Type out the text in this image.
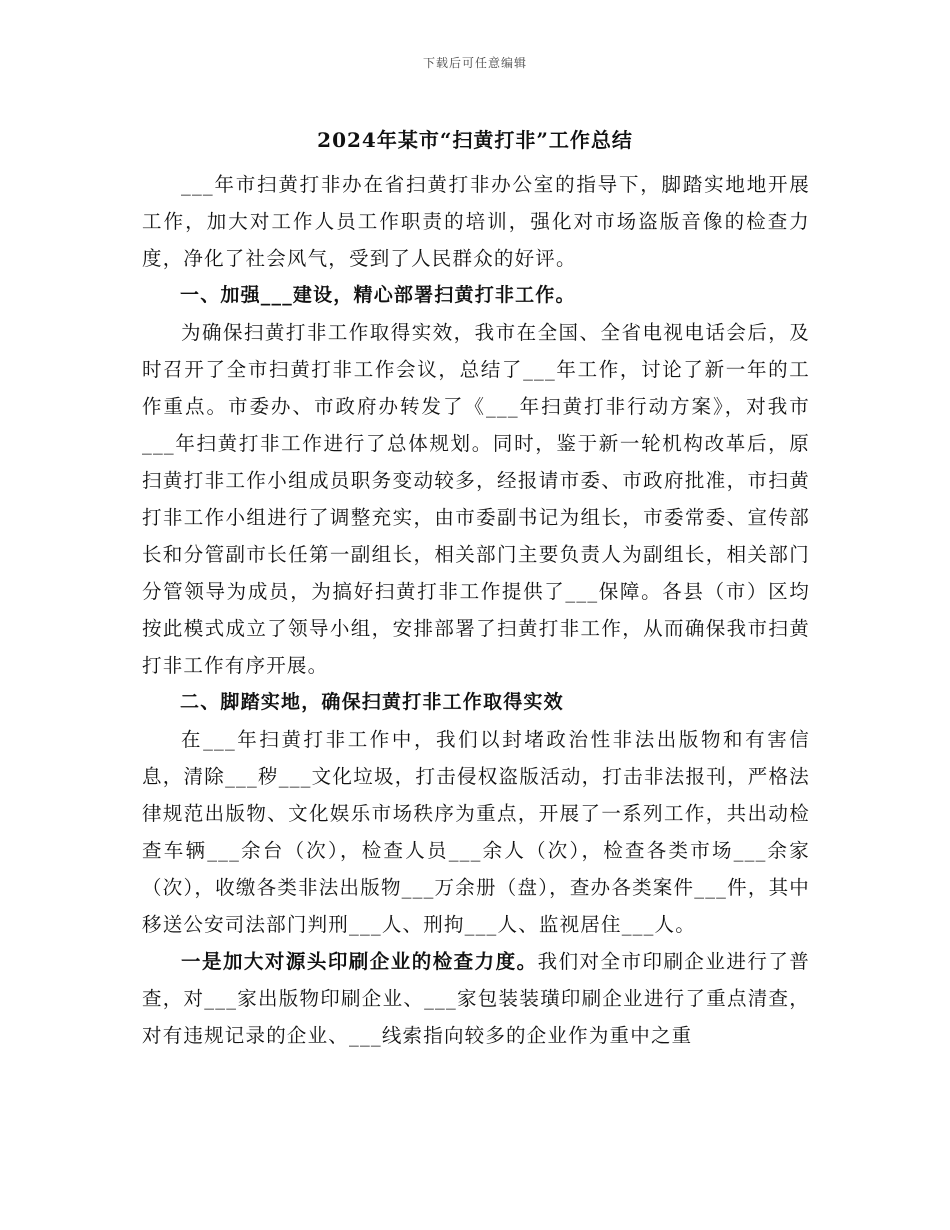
下载后可任意编辑
2024年某市“扫黄打非”工作总结

___年市扫黄打非办在省扫黄打非办公室的指导下，脚踏实地地开展工作，加大对工作人员工作职责的培训，强化对市场盗版音像的检查力度，净化了社会风气，受到了人民群众的好评。

一、加强___建设，精心部署扫黄打非工作。

为确保扫黄打非工作取得实效，我市在全国、全省电视电话会后，及时召开了全市扫黄打非工作会议，总结了___年工作，讨论了新一年的工作重点。市委办、市政府办转发了《___年扫黄打非行动方案》，对我市___年扫黄打非工作进行了总体规划。同时，鉴于新一轮机构改革后，原扫黄打非工作小组成员职务变动较多，经报请市委、市政府批准，市扫黄打非工作小组进行了调整充实，由市委副书记为组长，市委常委、宣传部长和分管副市长任第一副组长，相关部门主要负责人为副组长，相关部门分管领导为成员，为搞好扫黄打非工作提供了___保障。各县（市）区均按此模式成立了领导小组，安排部署了扫黄打非工作，从而确保我市扫黄打非工作有序开展。

二、脚踏实地，确保扫黄打非工作取得实效

在___年扫黄打非工作中，我们以封堵政治性非法出版物和有害信息，清除___秽___文化垃圾，打击侵权盗版活动，打击非法报刊，严格法律规范出版物、文化娱乐市场秩序为重点，开展了一系列工作，共出动检查车辆___余台（次），检查人员___余人（次），检查各类市场___余家（次），收缴各类非法出版物___万余册（盘），查办各类案件___件，其中移送公安司法部门判刑___人、刑拘___人、监视居住___人。

一是加大对源头印刷企业的检查力度。我们对全市印刷企业进行了普查，对___家出版物印刷企业、___家包装装璜印刷企业进行了重点清查，对有违规记录的企业、___线索指向较多的企业作为重中之重
